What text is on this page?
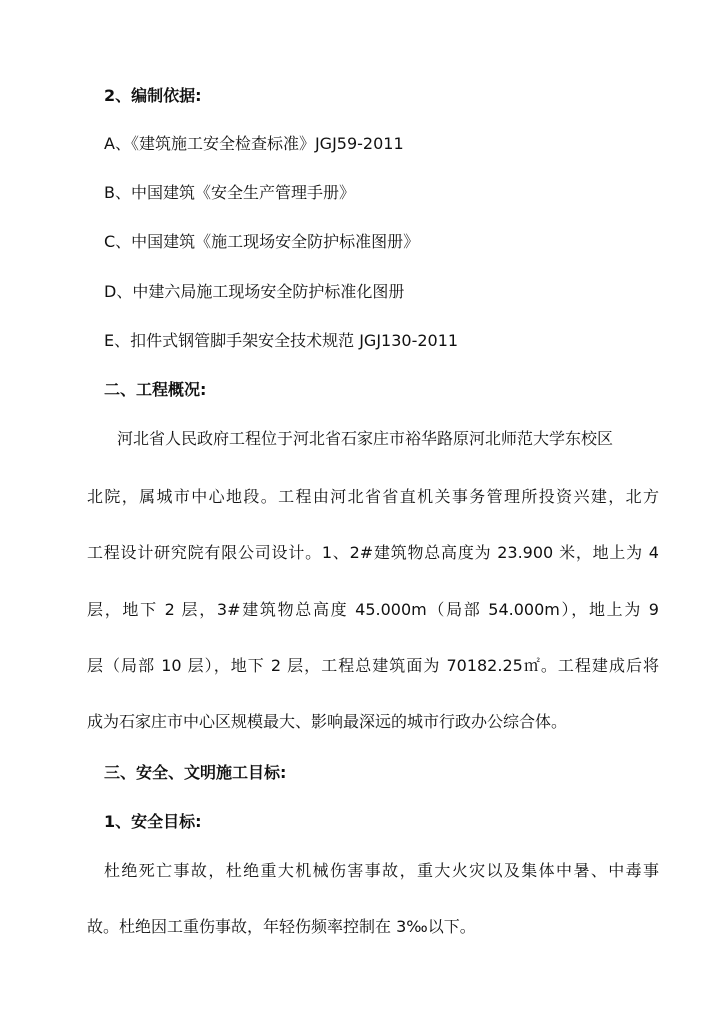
2、编制依据:
A、《建筑施工安全检查标准》JGJ59-2011
B、中国建筑《安全生产管理手册》
C、中国建筑《施工现场安全防护标准图册》
D、中建六局施工现场安全防护标准化图册
E、扣件式钢管脚手架安全技术规范 JGJ130-2011
二、工程概况:
河北省人民政府工程位于河北省石家庄市裕华路原河北师范大学东校区
北院，属城市中心地段。工程由河北省省直机关事务管理所投资兴建，北方
工程设计研究院有限公司设计。1、2#建筑物总高度为 23.900 米，地上为 4
层，地下 2 层，3#建筑物总高度 45.000m（局部 54.000m），地上为 9
层（局部 10 层），地下 2 层，工程总建筑面为 70182.25㎡。工程建成后将
成为石家庄市中心区规模最大、影响最深远的城市行政办公综合体。
三、安全、文明施工目标:
1、安全目标:
杜绝死亡事故，杜绝重大机械伤害事故，重大火灾以及集体中暑、中毒事
故。杜绝因工重伤事故，年轻伤频率控制在 3‰以下。
